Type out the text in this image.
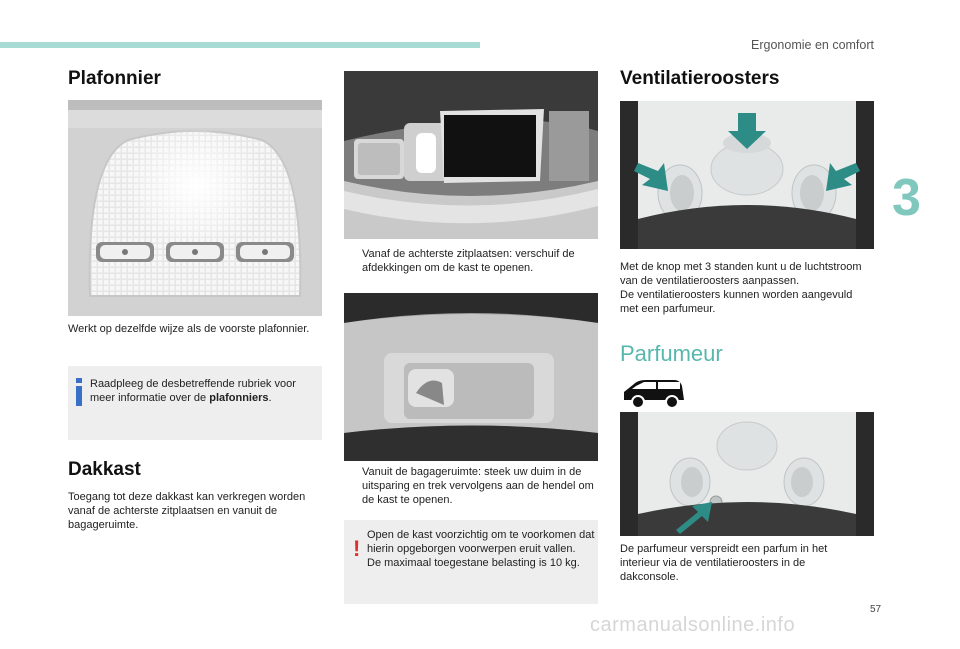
Ergonomie en comfort
3
57
carmanualsonline.info
Plafonnier
Werkt op dezelfde wijze als de voorste plafonnier.
Raadpleeg de desbetreffende rubriek voor meer informatie over de plafonniers.
Dakkast
Toegang tot deze dakkast kan verkregen worden vanaf de achterste zitplaatsen en vanuit de bagageruimte.
Vanaf de achterste zitplaatsen: verschuif de afdekkingen om de kast te openen.
Vanuit de bagageruimte: steek uw duim in de uitsparing en trek vervolgens aan de hendel om de kast te openen.
!
Open de kast voorzichtig om te voorkomen dat hierin opgeborgen voorwerpen eruit vallen.
De maximaal toegestane belasting is 10 kg.
Ventilatieroosters
Met de knop met 3 standen kunt u de luchtstroom van de ventilatieroosters aanpassen.
De ventilatieroosters kunnen worden aangevuld met een parfumeur.
Parfumeur
De parfumeur verspreidt een parfum in het interieur via de ventilatieroosters in de dakconsole.
